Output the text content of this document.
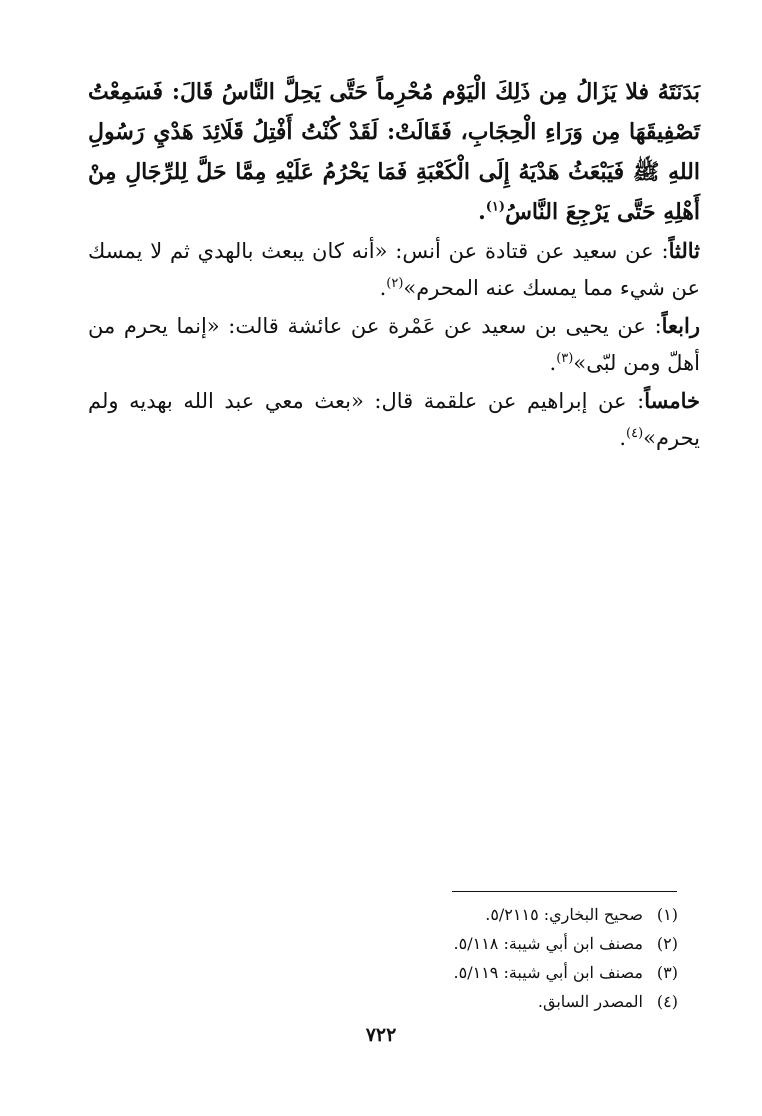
بَدَنَتَهُ فلا يَزَالُ مِن ذَلِكَ الْيَوْم مُحْرِماً حَتَّى يَحِلَّ النَّاسُ قَالَ: فَسَمِعْتُ تَصْفِيقَهَا مِن وَرَاءِ الْحِجَابِ، فَقَالَتْ: لَقَدْ كُنْتُ أَفْتِلُ قَلَائِدَ هَدْيِ رَسُولِ اللهِ ﷺ فَيَبْعَثُ هَدْيَهُ إِلَى الْكَعْبَةِ فَمَا يَحْرُمُ عَلَيْهِ مِمَّا حَلَّ لِلرِّجَالِ مِنْ أَهْلِهِ حَتَّى يَرْجِعَ النَّاسُ$^{(١)}$.

ثالثاً: عن سعيد عن قتادة عن أنس: «أنه كان يبعث بالهدي ثم لا يمسك عن شيء مما يمسك عنه المحرم»$^{(٢)}$.

رابعاً: عن يحيى بن سعيد عن عَمْرة عن عائشة قالت: «إنما يحرم من أهلّ ومن لبّى»$^{(٣)}$.

خامساً: عن إبراهيم عن علقمة قال: «بعث معي عبد الله بهديه ولم يحرم»$^{(٤)}$.

(١)صحيح البخاري: ٥/٢١١٥.

(٢)مصنف ابن أبي شيبة: ٥/١١٨.

(٣)مصنف ابن أبي شيبة: ٥/١١٩.

(٤)المصدر السابق.

٧٢٢
